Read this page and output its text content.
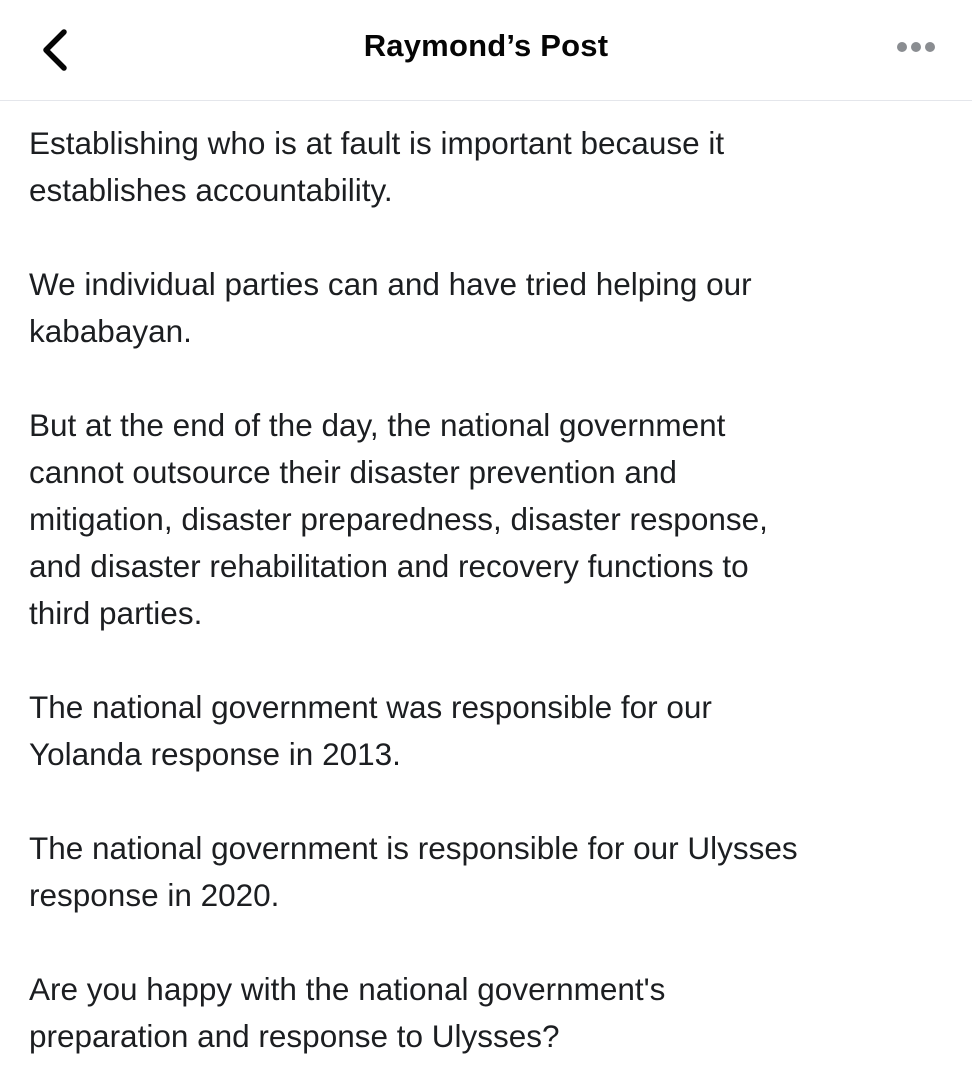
Raymond’s Post

Establishing who is at fault is important because it
establishes accountability.

We individual parties can and have tried helping our
kababayan.

But at the end of the day, the national government
cannot outsource their disaster prevention and
mitigation, disaster preparedness, disaster response,
and disaster rehabilitation and recovery functions to
third parties.

The national government was responsible for our
Yolanda response in 2013.

The national government is responsible for our Ulysses
response in 2020.

Are you happy with the national government's
preparation and response to Ulysses?
